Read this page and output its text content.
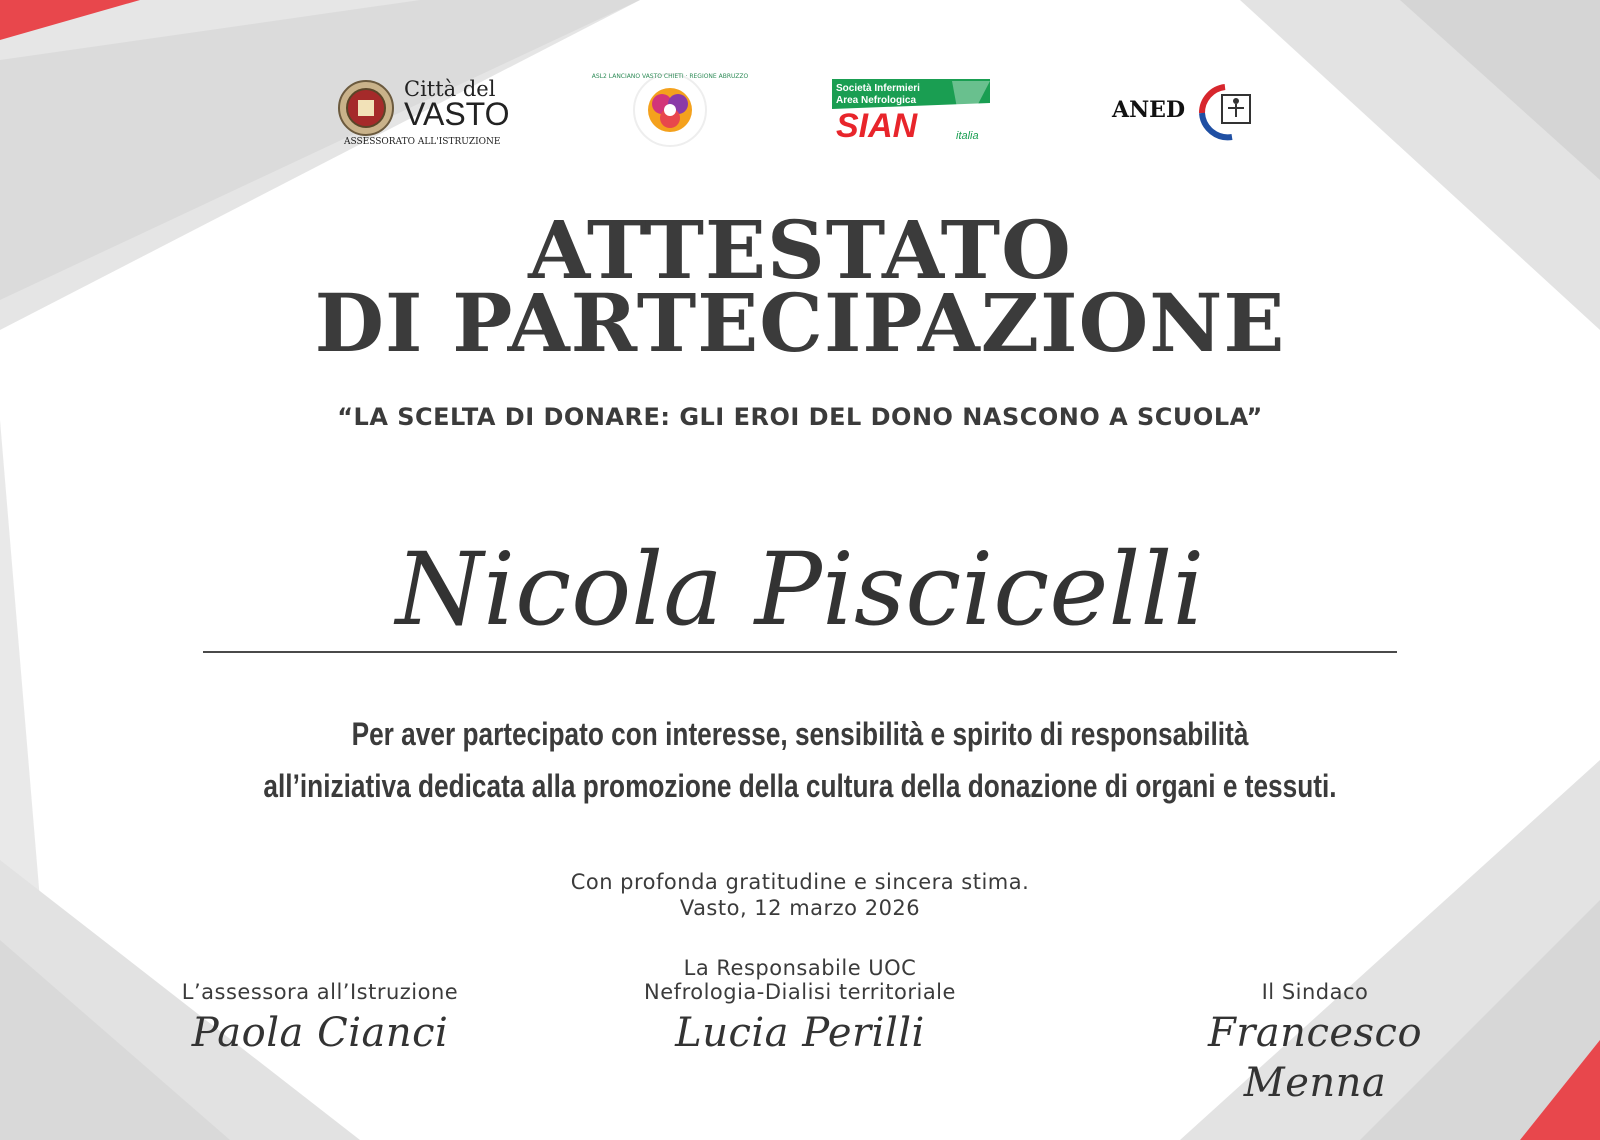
Città del
VASTO
ASSESSORATO ALL'ISTRUZIONE
ASL2 LANCIANO VASTO CHIETI · REGIONE ABRUZZO
Società Infermieri
Area Nefrologica
SIAN	italia
ANED
ATTESTATO
DI PARTECIPAZIONE
“LA SCELTA DI DONARE: GLI EROI DEL DONO NASCONO A SCUOLA”
Nicola Piscicelli
Per aver partecipato con interesse, sensibilità e spirito di responsabilità
all’iniziativa dedicata alla promozione della cultura della donazione di organi e tessuti.
Con profonda gratitudine e sincera stima.
Vasto, 12 marzo 2026
L’assessora all’Istruzione
Paola Cianci
La Responsabile UOC
Nefrologia-Dialisi territoriale
Lucia Perilli
Il Sindaco
Francesco Menna
